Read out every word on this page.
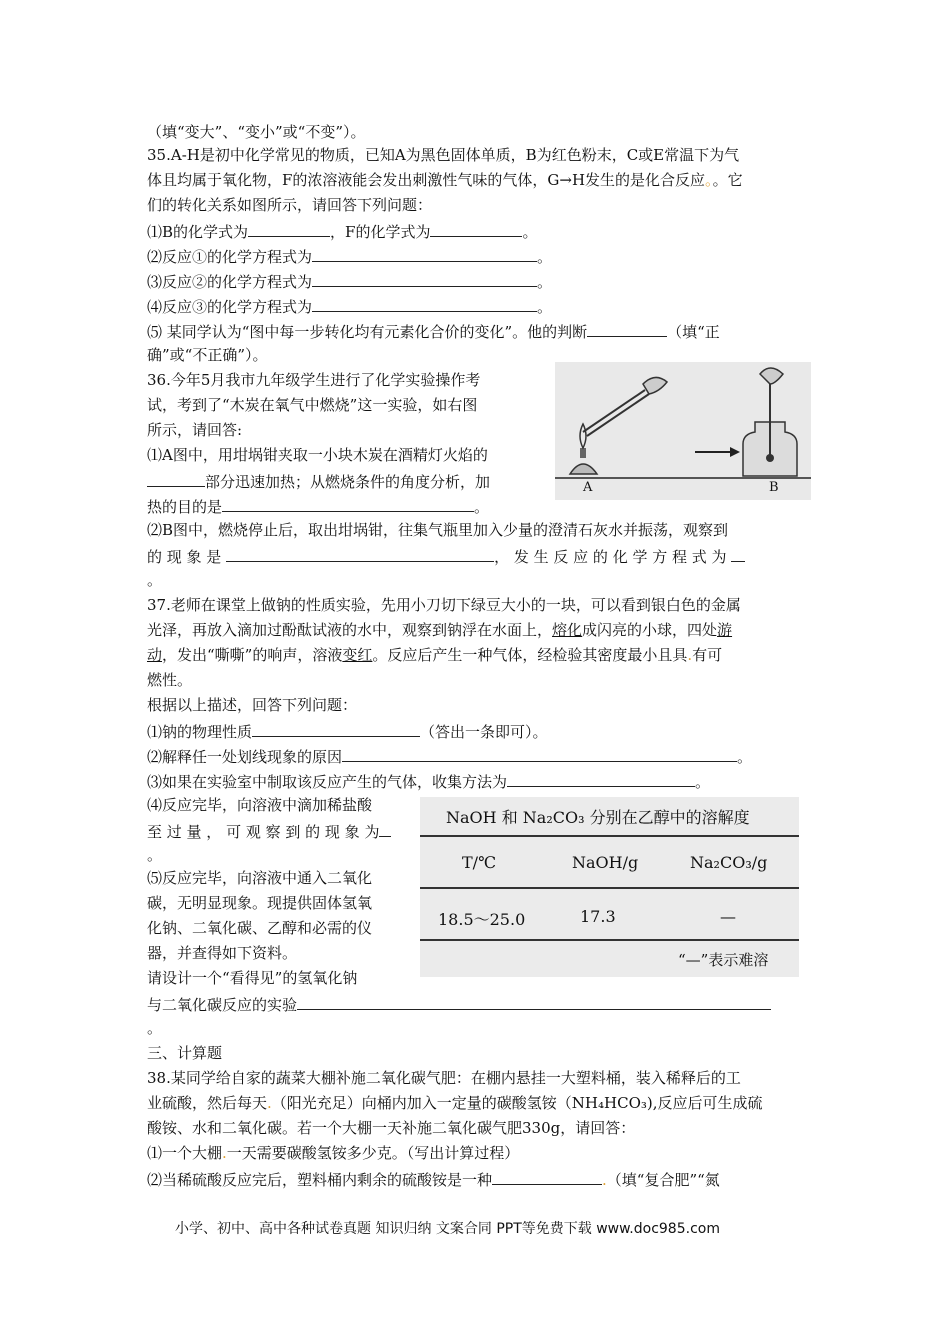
（填“变大”、“变小”或“不变”）。
35.A-H是初中化学常见的物质，已知A为黑色固体单质，B为红色粉末，C或E常温下为气
体且均属于氧化物，F的浓溶液能会发出刺激性气味的气体，G→H发生的是化合反应。。它
们的转化关系如图所示，请回答下列问题：
⑴B的化学式为	，F的化学式为	。
⑵反应①的化学方程式为	。
⑶反应②的化学方程式为	。
⑷反应③的化学方程式为	。
⑸ 某同学认为“图中每一步转化均有元素化合价的变化”。他的判断	（填“正
确”或“不正确”）。
36.今年5月我市九年级学生进行了化学实验操作考
试，考到了“木炭在氧气中燃烧”这一实验，如右图
所示，请回答:
⑴A图中，用坩埚钳夹取一小块木炭在酒精灯火焰的
部分迅速加热；从燃烧条件的角度分析，加
热的目的是	。
A	B
⑵B图中，燃烧停止后，取出坩埚钳，往集气瓶里加入少量的澄清石灰水并振荡，观察到
的 现 象 是	， 发 生 反 应 的 化 学 方 程 式 为
。
37.老师在课堂上做钠的性质实验，先用小刀切下绿豆大小的一块，可以看到银白色的金属
光泽，再放入滴加过酚酞试液的水中，观察到钠浮在水面上，熔化成闪亮的小球，四处游
动，发出“嘶嘶”的响声，溶液变红。反应后产生一种气体，经检验其密度最小且具.有可
燃性。
根据以上描述，回答下列问题：
⑴钠的物理性质	（答出一条即可）。
⑵解释任一处划线现象的原因	。
⑶如果在实验室中制取该反应产生的气体，收集方法为	。
⑷反应完毕，向溶液中滴加稀盐酸
至 过 量 ， 可 观 察 到 的 现 象 为
。
⑸反应完毕，向溶液中通入二氧化
碳，无明显现象。现提供固体氢氧
化钠、二氧化碳、乙醇和必需的仪
器，并查得如下资料。
请设计一个“看得见”的氢氧化钠
与二氧化碳反应的实验
。
NaOH 和 Na₂CO₃ 分别在乙醇中的溶解度
T/℃	NaOH/g	Na₂CO₃/g
18.5～25.0	17.3	—
“—”表示难溶
三、计算题
38.某同学给自家的蔬菜大棚补施二氧化碳气肥：在棚内悬挂一大塑料桶，装入稀释后的工
业硫酸，然后每天.（阳光充足）向桶内加入一定量的碳酸氢铵（NH₄HCO₃),反应后可生成硫
酸铵、水和二氧化碳。若一个大棚一天补施二氧化碳气肥330g，请回答：
⑴一个大棚.一天需要碳酸氢铵多少克。（写出计算过程）
⑵当稀硫酸反应完后，塑料桶内剩余的硫酸铵是一种	.（填“复合肥”“氮
小学、初中、高中各种试卷真题 知识归纳 文案合同 PPT等免费下载 www.doc985.com
